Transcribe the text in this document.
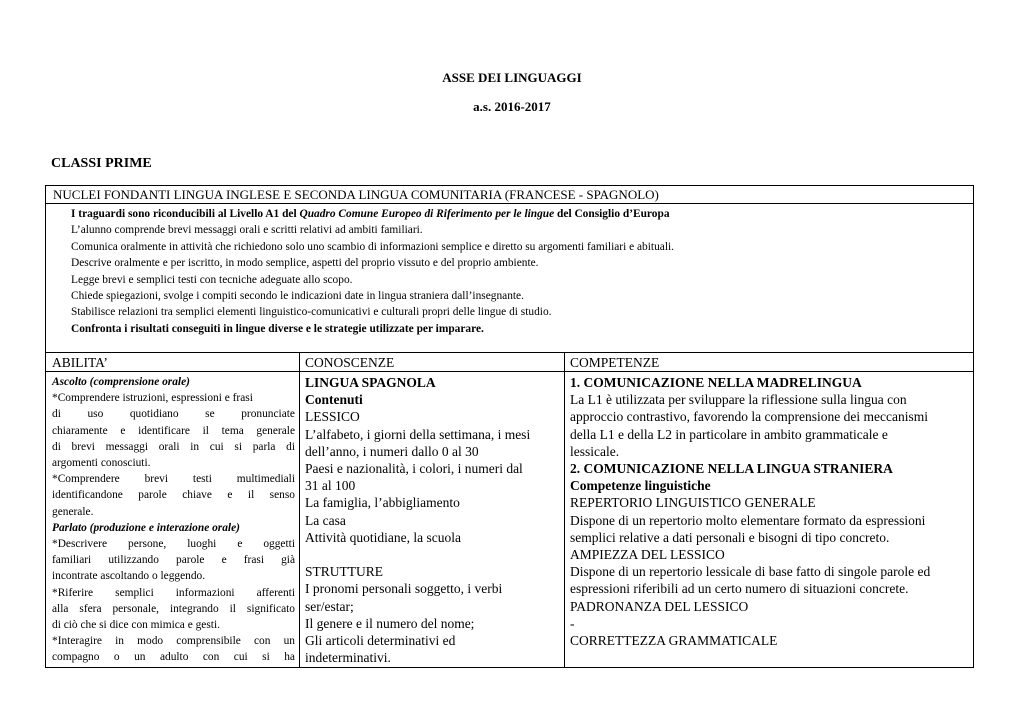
ASSE DEI LINGUAGGI
a.s. 2016-2017
CLASSI PRIME
NUCLEI FONDANTI LINGUA INGLESE E SECONDA LINGUA COMUNITARIA (FRANCESE - SPAGNOLO)
I traguardi sono riconducibili al Livello A1 del Quadro Comune Europeo di Riferimento per le lingue del Consiglio d’Europa
L’alunno comprende brevi messaggi orali e scritti relativi ad ambiti familiari.
Comunica oralmente in attività che richiedono solo uno scambio di informazioni semplice e diretto su argomenti familiari e abituali.
Descrive oralmente e per iscritto, in modo semplice, aspetti del proprio vissuto e del proprio ambiente.
Legge brevi e semplici testi con tecniche adeguate allo scopo.
Chiede spiegazioni, svolge i compiti secondo le indicazioni date in lingua straniera dall’insegnante.
Stabilisce relazioni tra semplici elementi linguistico-comunicativi e culturali propri delle lingue di studio.
Confronta i risultati conseguiti in lingue diverse e le strategie utilizzate per imparare.
ABILITA’
Ascolto (comprensione orale)
*Comprendere istruzioni, espressioni e frasi
di uso quotidiano se pronunciate
chiaramente e identificare il tema generale
di brevi messaggi orali in cui si parla di
argomenti conosciuti.
*Comprendere brevi testi multimediali
identificandone parole chiave e il senso
generale.
Parlato (produzione e interazione orale)
*Descrivere persone, luoghi e oggetti
familiari utilizzando parole e frasi già
incontrate ascoltando o leggendo.
*Riferire semplici informazioni afferenti
alla sfera personale, integrando il significato
di ciò che si dice con mimica e gesti.
*Interagire in modo comprensibile con un
compagno o un adulto con cui si ha
CONOSCENZE
LINGUA SPAGNOLA
Contenuti
LESSICO
L’alfabeto, i giorni della settimana, i mesi
dell’anno, i numeri dallo 0 al 30
Paesi e nazionalità, i colori, i numeri dal
31 al 100
La famiglia, l’abbigliamento
La casa
Attività quotidiane, la scuola
STRUTTURE
I pronomi personali soggetto, i verbi
ser/estar;
Il genere e il numero del nome;
Gli articoli determinativi ed
indeterminativi.
COMPETENZE
1. COMUNICAZIONE NELLA MADRELINGUA
La L1 è utilizzata per sviluppare la riflessione sulla lingua con
approccio contrastivo, favorendo la comprensione dei meccanismi
della L1 e della L2 in particolare in ambito grammaticale e
lessicale.
2. COMUNICAZIONE NELLA LINGUA STRANIERA
Competenze linguistiche
REPERTORIO LINGUISTICO GENERALE
Dispone di un repertorio molto elementare formato da espressioni
semplici relative a dati personali e bisogni di tipo concreto.
AMPIEZZA DEL LESSICO
Dispone di un repertorio lessicale di base fatto di singole parole ed
espressioni riferibili ad un certo numero di situazioni concrete.
PADRONANZA DEL LESSICO
-
CORRETTEZZA GRAMMATICALE
